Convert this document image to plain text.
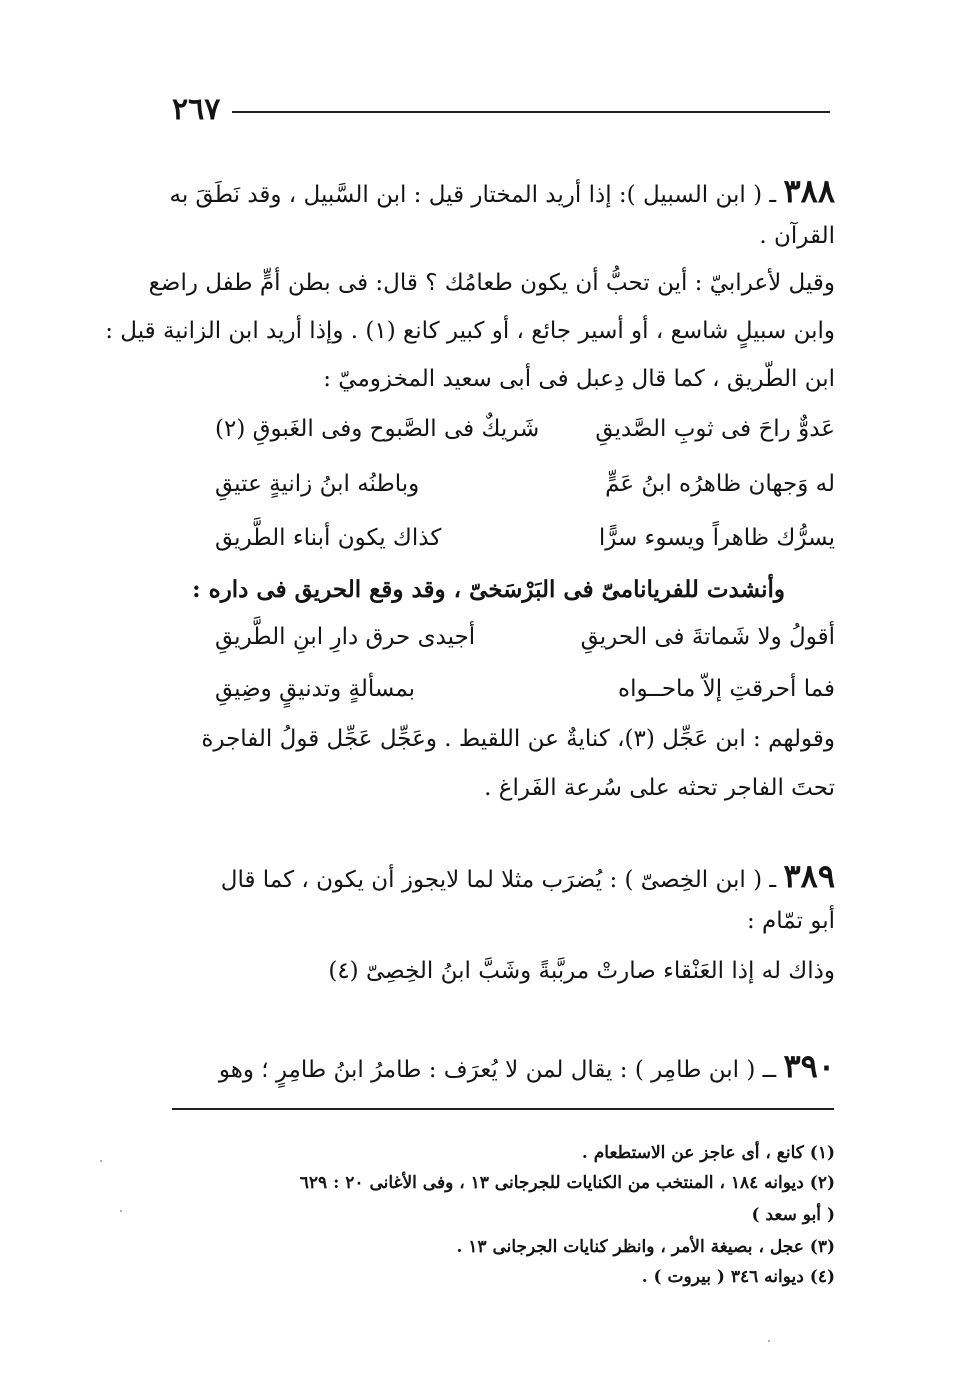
٢٦٧
٣٨٨ ـ ( ابن السبيل ): إذا أريد المختار قيل : ابن السَّبيل ، وقد نَطَقَ به
القرآن .
وقيل لأعرابيّ : أين تحبُّ أن يكون طعامُك ؟ قال: فى بطن أمٍّ طفل راضع
وابن سبيلٍ شاسع ، أو أسير جائع ، أو كبير كانع (١) . وإذا أريد ابن الزانية قيل :
ابن الطّريق ، كما قال دِعبل فى أبى سعيد المخزوميّ :
عَدوٌّ راحَ فى ثوبِ الصَّديقِ
شَريكٌ فى الصَّبوح وفى الغَبوقِ (٢)
له وَجهان ظاهرُه ابنُ عَمٍّ
وباطنُه ابنُ زانيةٍ عتيقِ
يسرُّك ظاهراً ويسوء سرًّا
كذاك يكون أبناء الطَّريق
وأنشدت للفريانامىّ فى البَرْسَخىّ ، وقد وقع الحريق فى داره :
أقولُ ولا شَماتةَ فى الحريقِ
أجيدى حرق دارِ ابنِ الطَّريقِ
فما أحرقتِ إلاّ ماحــواه
بمسألةٍ وتدنيقٍ وضِيقِ
وقولهم : ابن عَجِّل (٣)، كنايةٌ عن اللقيط . وعَجِّل عَجِّل قولُ الفاجرة
تحتَ الفاجر تحثه على سُرعة الفَراغ .
٣٨٩ ـ ( ابن الخِصىّ ) : يُضرَب مثلا لما لايجوز أن يكون ، كما قال
أبو تمّام :
وذاك له إذا العَنْقاء صارتْ مربَّبةً وشَبَّ ابنُ الخِصِىّ (٤)
٣٩٠ ــ ( ابن طامِر ) : يقال لمن لا يُعرَف : طامرُ ابنُ طامِرٍ ؛ وهو
(١) كانع ، أى عاجز عن الاستطعام .
(٢) ديوانه ١٨٤ ، المنتخب من الكنايات للجرجانى ١٣ ، وفى الأغانى ٢٠ : ٦٢٩
( أبو سعد )
(٣) عجل ، بصيغة الأمر ، وانظر كنايات الجرجانى ١٣ .
(٤) ديوانه ٣٤٦ ( بيروت ) .
